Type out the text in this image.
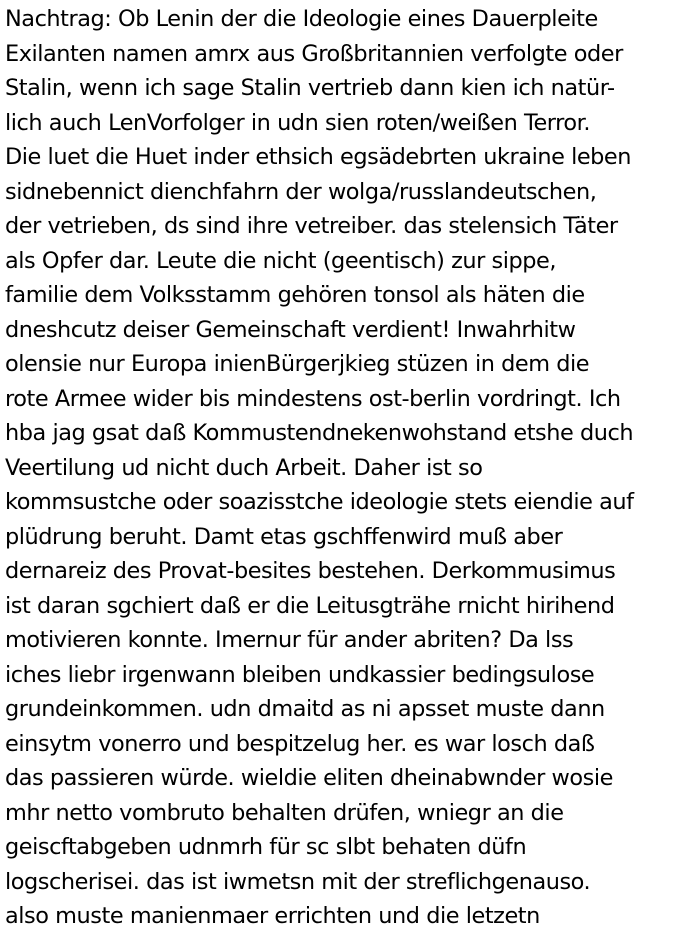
Nachtrag: Ob Lenin der die Ideologie eines Dauerpleite
Exilanten namen amrx aus Großbritannien verfolgte oder
Stalin, wenn ich sage Stalin vertrieb dann kien ich natür-
lich auch LenVorfolger in udn sien roten/weißen Terror.
Die luet die Huet inder ethsich egsädebrten ukraine leben
sidnebennict dienchfahrn der wolga/russlandeutschen,
der vetrieben, ds sind ihre vetreiber. das stelensich Täter
als Opfer dar. Leute die nicht (geentisch) zur sippe,
familie dem Volksstamm gehören tonsol als häten die
dneshcutz deiser Gemeinschaft verdient! Inwahrhitw
olensie nur Europa inienBürgerjkieg stüzen in dem die
rote Armee wider bis mindestens ost-berlin vordringt. Ich
hba jag gsat daß Kommustendnekenwohstand etshe duch
Veertilung ud nicht duch Arbeit. Daher ist so
kommsustche oder soazisstche ideologie stets eiendie auf
plüdrung beruht. Damt etas gschffenwird muß aber
dernareiz des Provat-besites bestehen. Derkommusimus
ist daran sgchiert daß er die Leitusgträhe rnicht hirihend
motivieren konnte. Imernur für ander abriten? Da lss
iches liebr irgenwann bleiben undkassier bedingsulose
grundeinkommen. udn dmaitd as ni apsset muste dann
einsytm vonerro und bespitzelug her. es war losch daß
das passieren würde. wieldie eliten dheinabwnder wosie
mhr netto vombruto behalten drüfen, wniegr an die
geiscftabgeben udnmrh für sc slbt behaten düfn
logscherisei. das ist iwmetsn mit der streflichgenauso.
also muste manienmaer errichten und die letzetn
